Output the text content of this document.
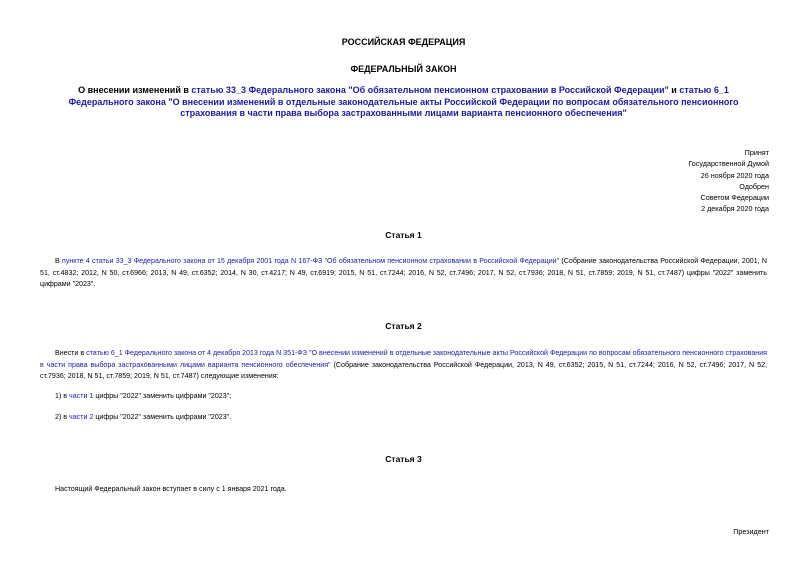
РОССИЙСКАЯ ФЕДЕРАЦИЯ
ФЕДЕРАЛЬНЫЙ ЗАКОН
О внесении изменений в статью 33_3 Федерального закона "Об обязательном пенсионном страховании в Российской Федерации" и статью 6_1 Федерального закона "О внесении изменений в отдельные законодательные акты Российской Федерации по вопросам обязательного пенсионного страхования в части права выбора застрахованными лицами варианта пенсионного обеспечения"
Принят
Государственной Думой
26 ноября 2020 года
Одобрен
Советом Федерации
2 декабря 2020 года
Статья 1
В пункте 4 статьи 33_3 Федерального закона от 15 декабря 2001 года N 167-ФЗ "Об обязательном пенсионном страховании в Российской Федерации" (Собрание законодательства Российской Федерации, 2001, N 51, ст.4832; 2012, N 50, ст.6966; 2013, N 49, ст.6352; 2014, N 30, ст.4217; N 49, ст.6919; 2015, N 51, ст.7244; 2016, N 52, ст.7496; 2017, N 52, ст.7936; 2018, N 51, ст.7859; 2019, N 51, ст.7487) цифры "2022" заменить цифрами "2023".
Статья 2
Внести в статью 6_1 Федерального закона от 4 декабря 2013 года N 351-ФЗ "О внесении изменений в отдельные законодательные акты Российской Федерации по вопросам обязательного пенсионного страхования в части права выбора застрахованными лицами варианта пенсионного обеспечения" (Собрание законодательства Российской Федерации, 2013, N 49, ст.6352; 2015, N 51, ст.7244; 2016, N 52, ст.7496; 2017, N 52, ст.7936; 2018, N 51, ст.7859; 2019, N 51, ст.7487) следующие изменения:
1) в части 1 цифры "2022" заменить цифрами "2023";
2) в части 2 цифры "2022" заменить цифрами "2023".
Статья 3
Настоящий Федеральный закон вступает в силу с 1 января 2021 года.
Президент
